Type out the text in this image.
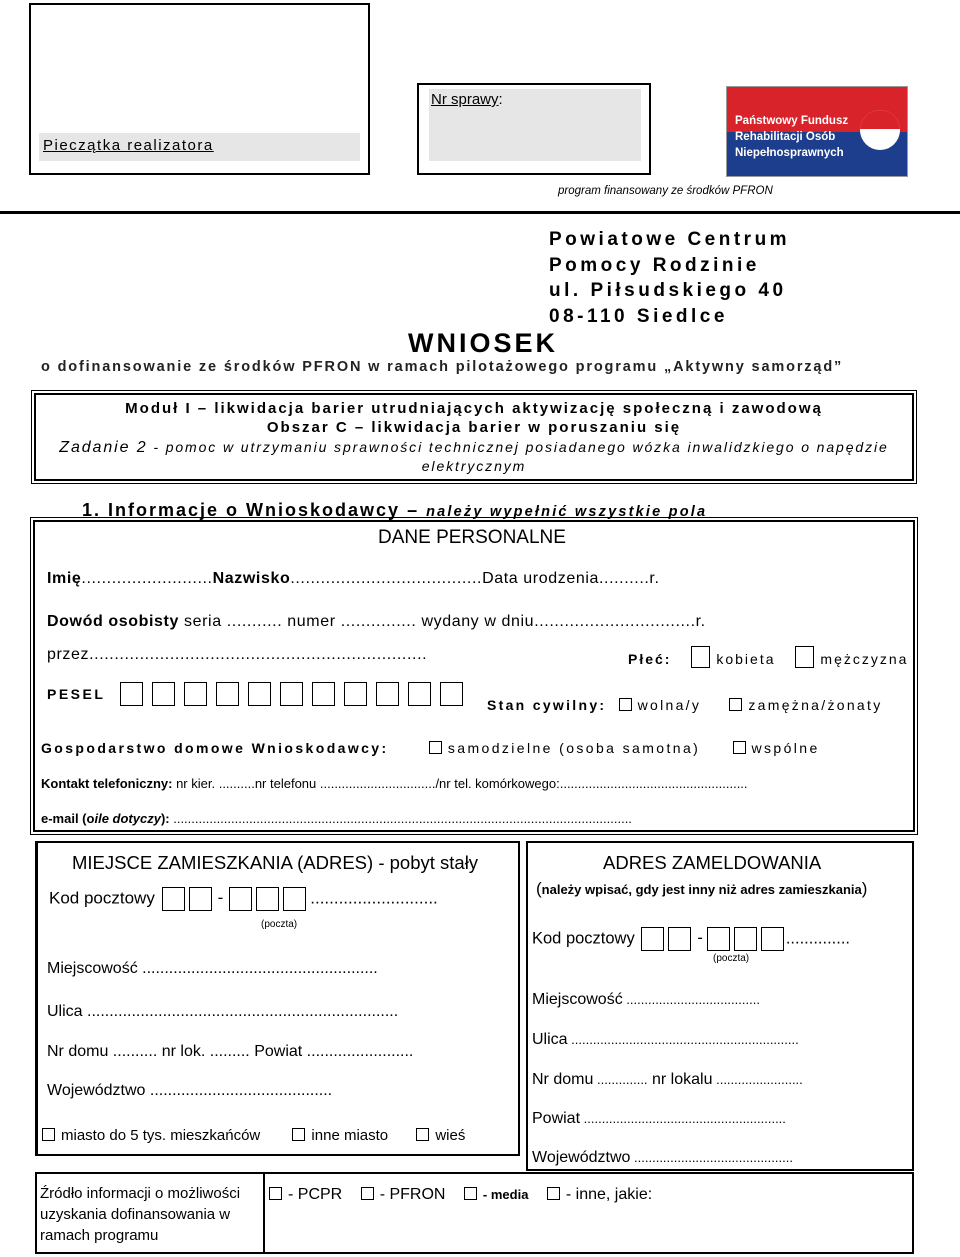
Pieczątka realizatora
Nr sprawy:
Państwowy Fundusz
Rehabilitacji Osób
Niepełnosprawnych
program finansowany ze środków PFRON
Powiatowe Centrum
Pomocy Rodzinie
ul. Piłsudskiego 40
08-110 Siedlce
WNIOSEK
o dofinansowanie ze środków PFRON w ramach pilotażowego programu „Aktywny samorząd”
Moduł I – likwidacja barier utrudniających aktywizację społeczną i zawodową
Obszar C – likwidacja barier w poruszaniu się
Zadanie 2 - pomoc w utrzymaniu sprawności technicznej posiadanego wózka inwalidzkiego o napędzie elektrycznym
1. Informacje o Wnioskodawcy – należy wypełnić wszystkie pola
DANE PERSONALNE
Imię..........................Nazwisko......................................Data urodzenia..........r.
Dowód osobisty seria ........... numer ............... wydany w dniu................................r.
przez...................................................................	Płeć:	kobieta	mężczyzna
PESEL
Stan cywilny: wolna/y	zamężna/żonaty
Gospodarstwo domowe Wnioskodawcy:	samodzielne (osoba samotna)	wspólne
Kontakt telefoniczny: nr kier. ..........nr telefonu ................................/nr tel. komórkowego:....................................................
e-mail (oile dotyczy): ...............................................................................................................................
MIEJSCE ZAMIESZKANIA (ADRES) - pobyt stały
Kod pocztowy	-	...........................
(poczta)
Miejscowość .....................................................
Ulica ......................................................................
Nr domu .......... nr lok. ......... Powiat ........................
Województwo .........................................
miasto do 5 tys. mieszkańców	inne miasto	wieś
ADRES ZAMELDOWANIA
(należy wpisać, gdy jest inny niż adres zamieszkania)
Kod pocztowy	-	..............
(poczta)
Miejscowość .....................................
Ulica ...............................................................
Nr domu .............. nr lokalu ........................
Powiat ........................................................
Województwo ............................................
Źródło informacji o możliwości uzyskania dofinansowania w ramach programu
- PCPR - PFRON	- media - inne, jakie:
